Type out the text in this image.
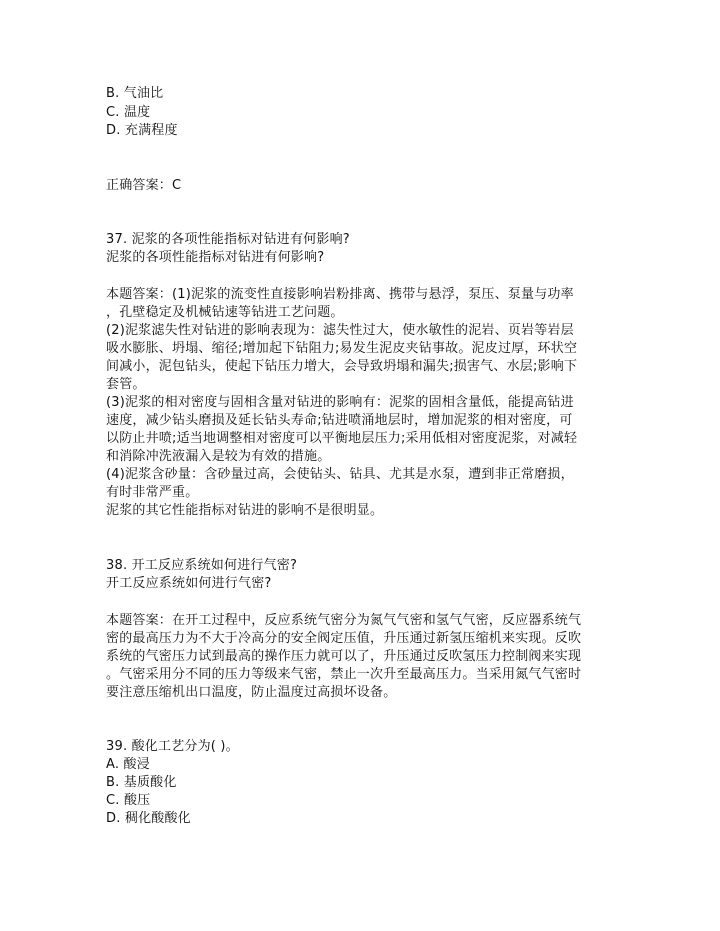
B. 气油比
C. 温度
D. 充满程度
正确答案：C
37. 泥浆的各项性能指标对钻进有何影响?
泥浆的各项性能指标对钻进有何影响?
本题答案：(1)泥浆的流变性直接影响岩粉排离、携带与悬浮，泵压、泵量与功率
，孔壁稳定及机械钻速等钻进工艺问题。
(2)泥浆滤失性对钻进的影响表现为：滤失性过大，使水敏性的泥岩、页岩等岩层
吸水膨胀、坍塌、缩径;增加起下钻阻力;易发生泥皮夹钻事故。泥皮过厚，环状空
间减小，泥包钻头，使起下钻压力增大，会导致坍塌和漏失;损害气、水层;影响下
套管。
(3)泥浆的相对密度与固相含量对钻进的影响有：泥浆的固相含量低，能提高钻进
速度，减少钻头磨损及延长钻头寿命;钻进喷涌地层时，增加泥浆的相对密度，可
以防止井喷;适当地调整相对密度可以平衡地层压力;采用低相对密度泥浆，对减轻
和消除冲洗液漏入是较为有效的措施。
(4)泥浆含砂量：含砂量过高，会使钻头、钻具、尤其是水泵，遭到非正常磨损，
有时非常严重。
泥浆的其它性能指标对钻进的影响不是很明显。
38. 开工反应系统如何进行气密?
开工反应系统如何进行气密?
本题答案：在开工过程中，反应系统气密分为氮气气密和氢气气密，反应器系统气
密的最高压力为不大于冷高分的安全阀定压值，升压通过新氢压缩机来实现。反吹
系统的气密压力试到最高的操作压力就可以了，升压通过反吹氢压力控制阀来实现
。气密采用分不同的压力等级来气密，禁止一次升至最高压力。当采用氮气气密时
要注意压缩机出口温度，防止温度过高损坏设备。
39. 酸化工艺分为( )。
A. 酸浸
B. 基质酸化
C. 酸压
D. 稠化酸酸化
